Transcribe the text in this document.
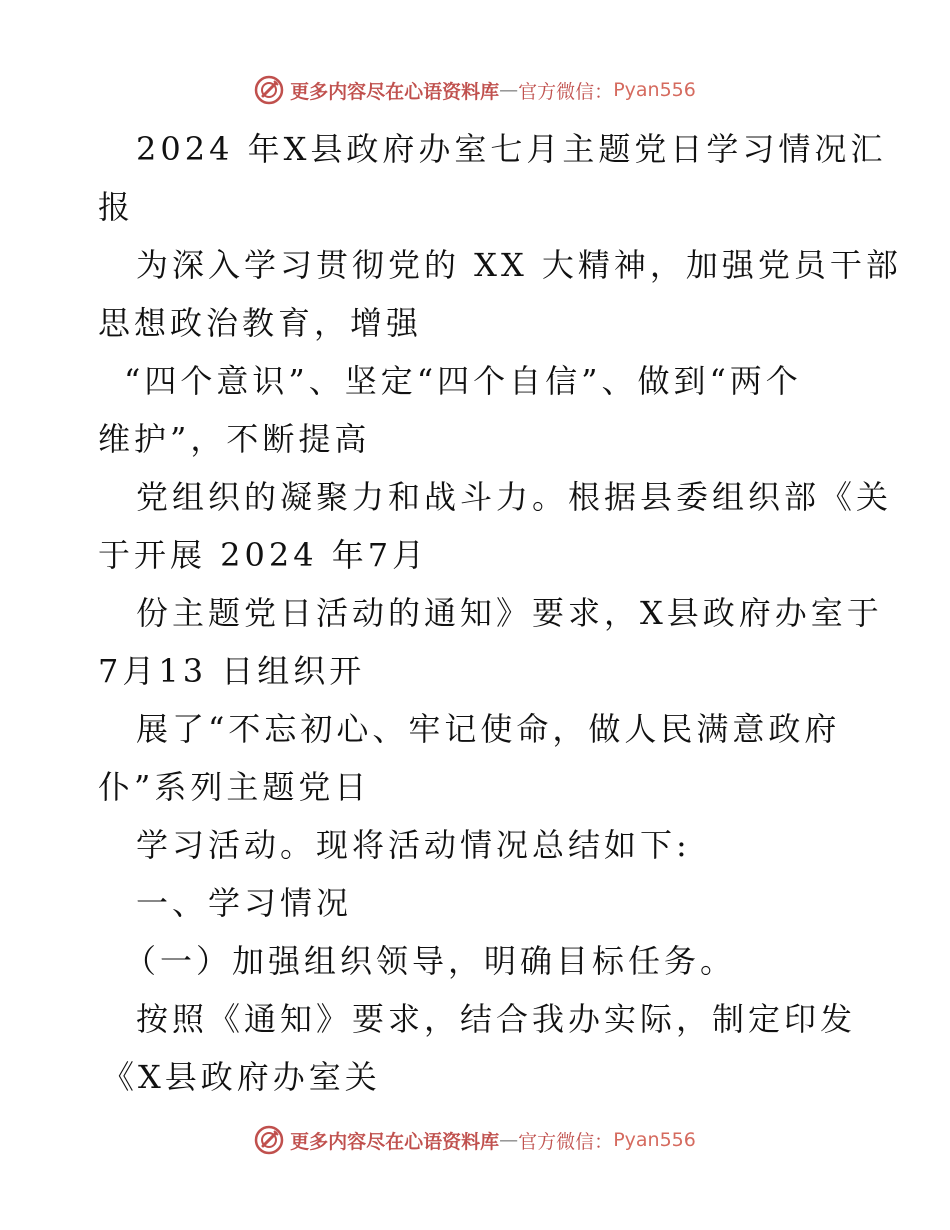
更多内容尽在心语资料库 — 官方微信： Pyan556
2024 年X县政府办室七月主题党日学习情况汇
报
为深入学习贯彻党的 XX 大精神，加强党员干部
思想政治教育，增强
“四个意识”、坚定“四个自信”、做到“两个
维护”，不断提高
党组织的凝聚力和战斗力。根据县委组织部《关
于开展 2024 年7月
份主题党日活动的通知》要求，X县政府办室于
7月13 日组织开
展了“不忘初心、牢记使命，做人民满意政府
仆”系列主题党日
学习活动。现将活动情况总结如下:
一、学习情况
（一）加强组织领导，明确目标任务。
按照《通知》要求，结合我办实际，制定印发
《X县政府办室关
更多内容尽在心语资料库 — 官方微信： Pyan556
